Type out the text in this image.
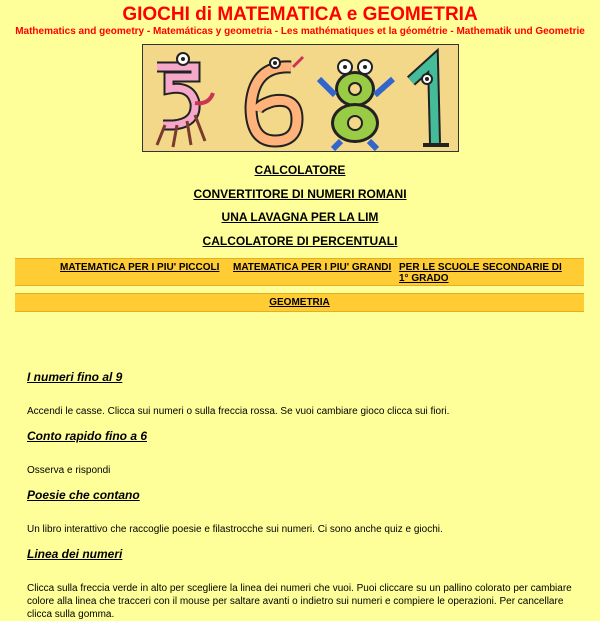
GIOCHI di MATEMATICA e GEOMETRIA
Mathematics and geometry - Matemáticas y geometria - Les mathématiques et la géométrie - Mathematik und Geometrie
CALCOLATORE
CONVERTITORE DI NUMERI ROMANI
UNA LAVAGNA PER LA LIM
CALCOLATORE DI PERCENTUALI
MATEMATICA PER I PIU' PICCOLI MATEMATICA PER I PIU' GRANDI PER LE SCUOLE SECONDARIE DI 1° GRADO
GEOMETRIA
I numeri fino al 9
Accendi le casse. Clicca sui numeri o sulla freccia rossa. Se vuoi cambiare gioco clicca sui fiori.
Conto rapido fino a 6
Osserva e rispondi
Poesie che contano
Un libro interattivo che raccoglie poesie e filastrocche sui numeri. Ci sono anche quiz e giochi.
Linea dei numeri
Clicca sulla freccia verde in alto per scegliere la linea dei numeri che vuoi. Puoi cliccare su un pallino colorato per cambiare colore alla linea che tracceri con il mouse per saltare avanti o indietro sui numeri e compiere le operazioni. Per cancellare clicca sulla gomma.
